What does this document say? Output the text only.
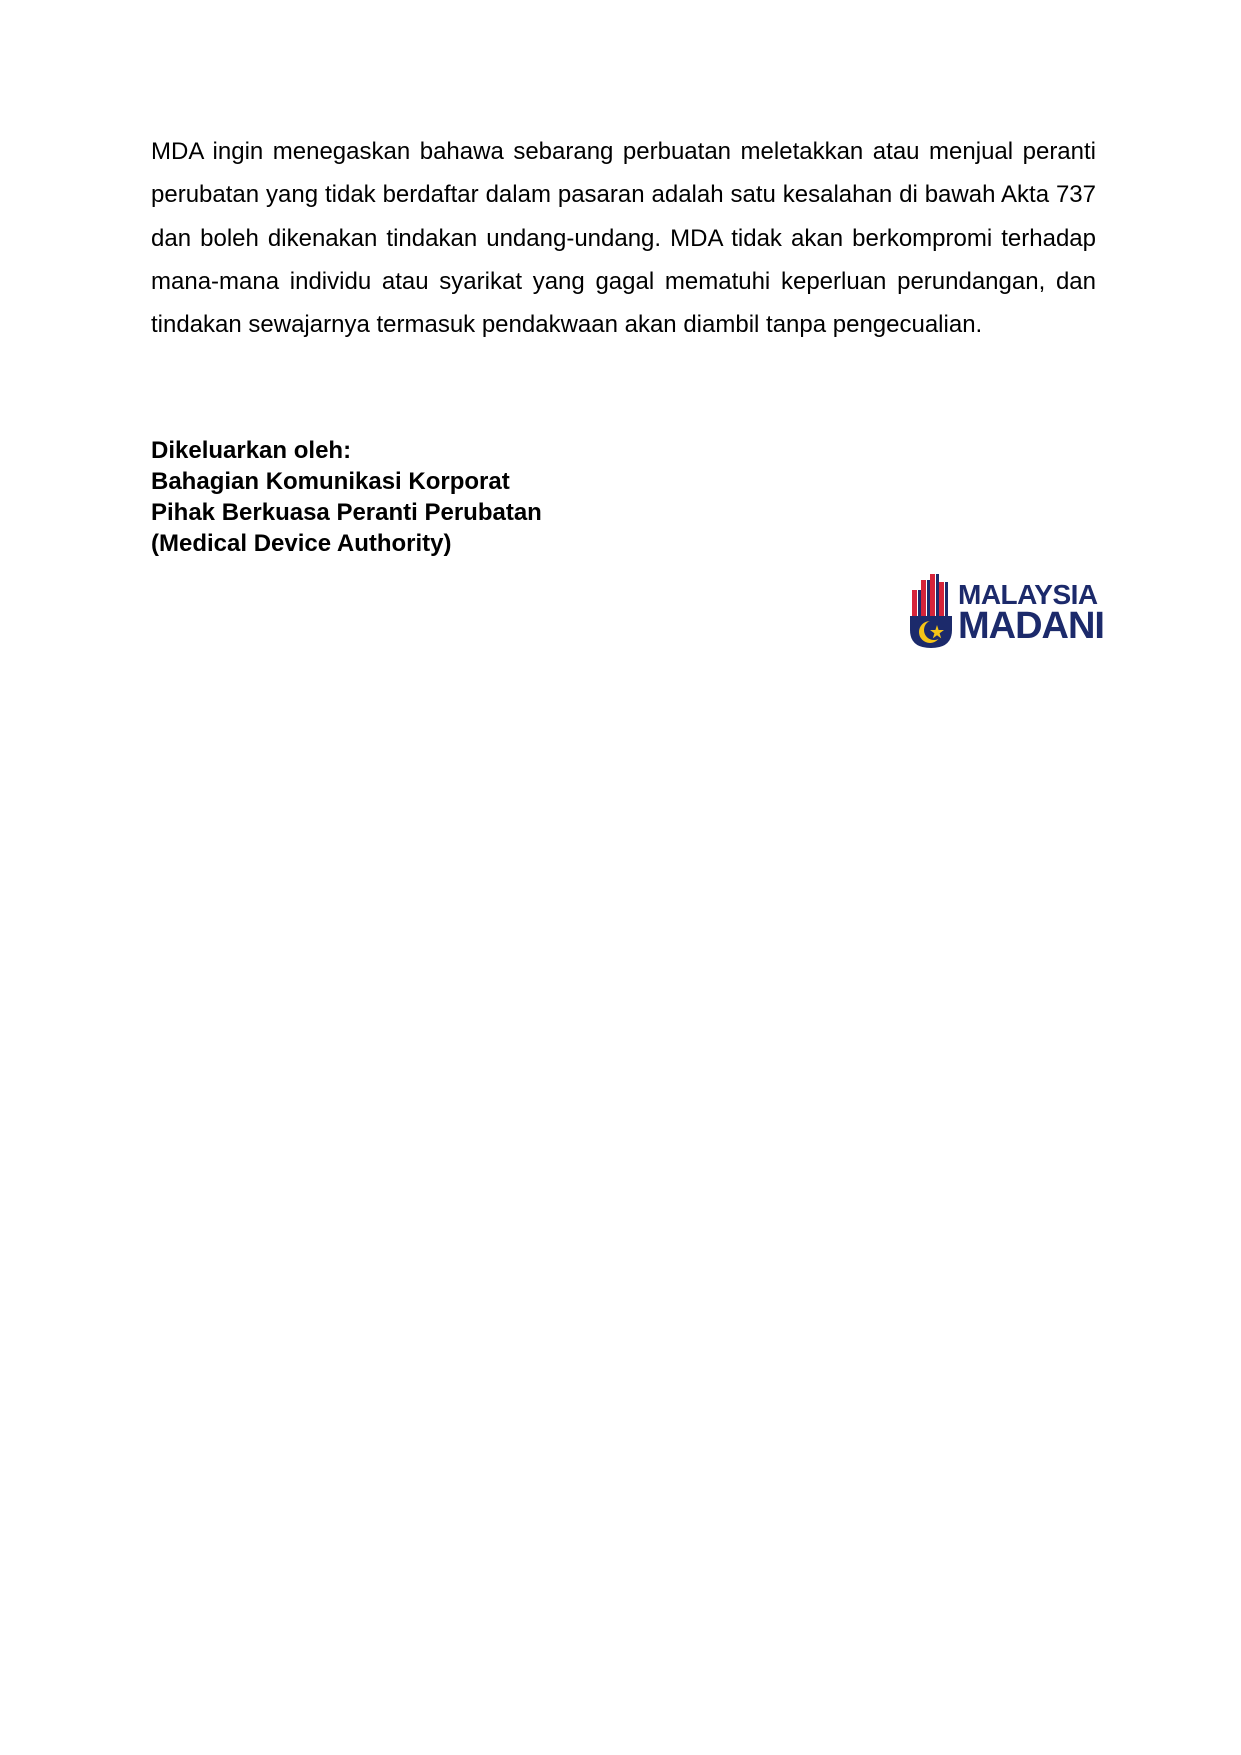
MDA ingin menegaskan bahawa sebarang perbuatan meletakkan atau menjual peranti perubatan yang tidak berdaftar dalam pasaran adalah satu kesalahan di bawah Akta 737 dan boleh dikenakan tindakan undang-undang. MDA tidak akan berkompromi terhadap mana-mana individu atau syarikat yang gagal mematuhi keperluan perundangan, dan tindakan sewajarnya termasuk pendakwaan akan diambil tanpa pengecualian.

Dikeluarkan oleh:
Bahagian Komunikasi Korporat
Pihak Berkuasa Peranti Perubatan
(Medical Device Authority)
MALAYSIA
MADANI
